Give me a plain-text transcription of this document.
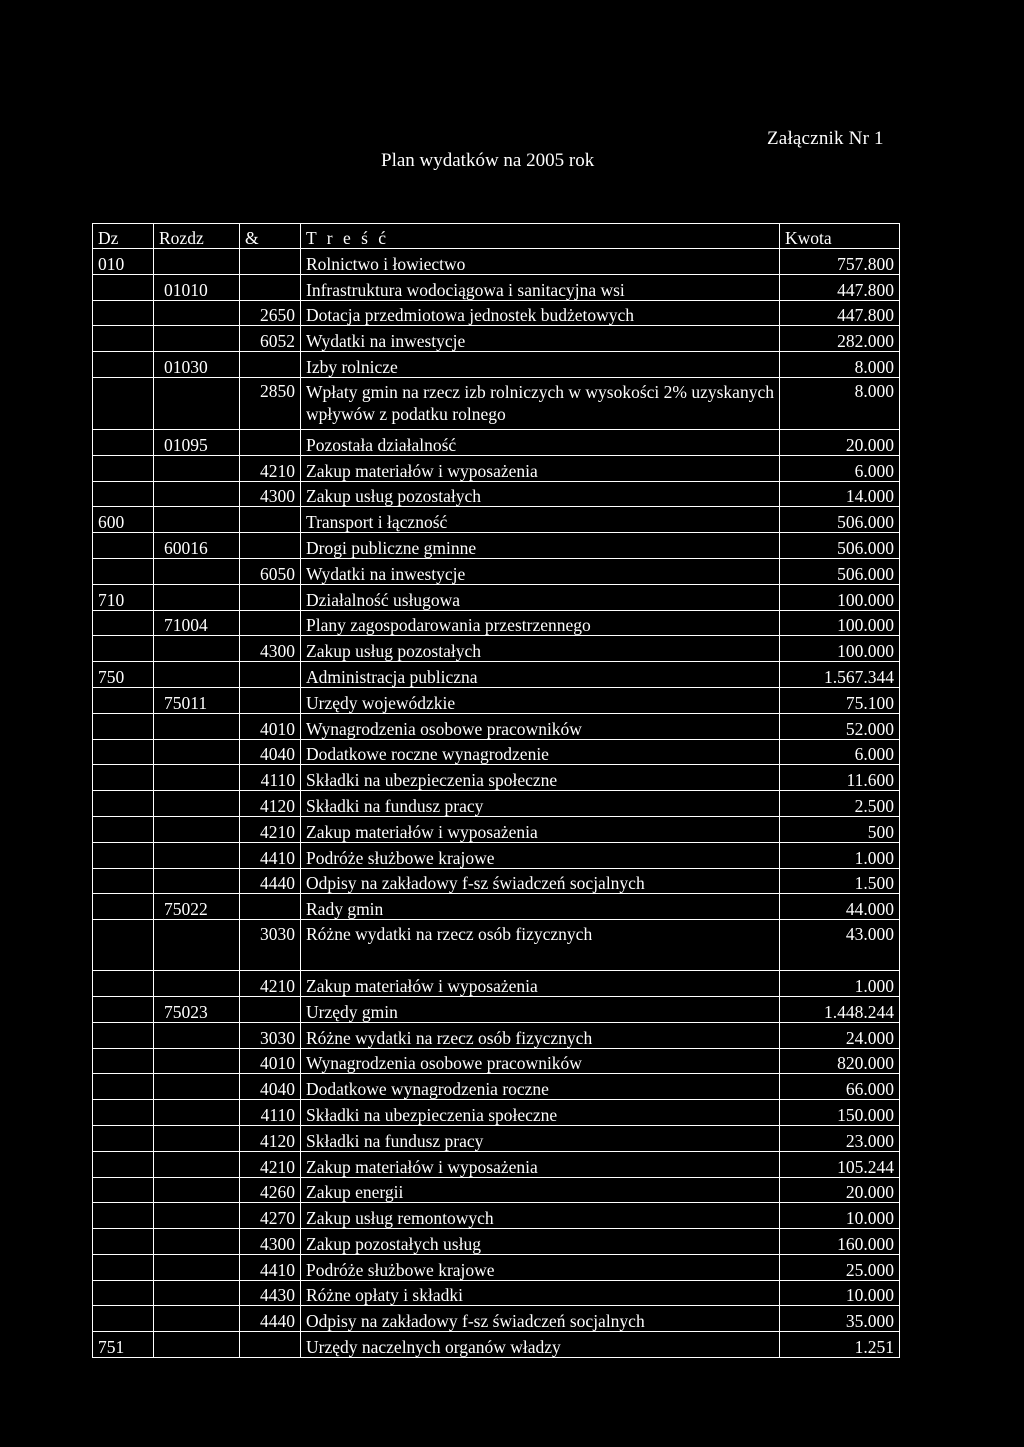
Załącznik Nr 1
Plan wydatków na 2005 rok
Dz	Rozdz	&	T r e ś ć	Kwota
010			Rolnictwo i łowiectwo	757.800
	01010		Infrastruktura wodociągowa i sanitacyjna wsi	447.800
		2650	Dotacja przedmiotowa jednostek budżetowych	447.800
		6052	Wydatki na inwestycje	282.000
	01030		Izby rolnicze	8.000
		2850	Wpłaty gmin na rzecz izb rolniczych w wysokości 2% uzyskanych wpływów z podatku rolnego	8.000
	01095		Pozostała działalność	20.000
		4210	Zakup materiałów i wyposażenia	6.000
		4300	Zakup usług pozostałych	14.000
600			Transport i łączność	506.000
	60016		Drogi publiczne gminne	506.000
		6050	Wydatki na inwestycje	506.000
710			Działalność usługowa	100.000
	71004		Plany zagospodarowania przestrzennego	100.000
		4300	Zakup usług pozostałych	100.000
750			Administracja publiczna	1.567.344
	75011		Urzędy wojewódzkie	75.100
		4010	Wynagrodzenia osobowe pracowników	52.000
		4040	Dodatkowe roczne wynagrodzenie	6.000
		4110	Składki na ubezpieczenia społeczne	11.600
		4120	Składki na fundusz pracy	2.500
		4210	Zakup materiałów i wyposażenia	500
		4410	Podróże służbowe krajowe	1.000
		4440	Odpisy na zakładowy f-sz świadczeń socjalnych	1.500
	75022		Rady gmin	44.000
		3030	Różne wydatki na rzecz osób fizycznych	43.000
		4210	Zakup materiałów i wyposażenia	1.000
	75023		Urzędy gmin	1.448.244
		3030	Różne wydatki na rzecz osób fizycznych	24.000
		4010	Wynagrodzenia osobowe pracowników	820.000
		4040	Dodatkowe wynagrodzenia roczne	66.000
		4110	Składki na ubezpieczenia społeczne	150.000
		4120	Składki na fundusz pracy	23.000
		4210	Zakup materiałów i wyposażenia	105.244
		4260	Zakup energii	20.000
		4270	Zakup usług remontowych	10.000
		4300	Zakup pozostałych usług	160.000
		4410	Podróże służbowe krajowe	25.000
		4430	Różne opłaty i składki	10.000
		4440	Odpisy na zakładowy f-sz świadczeń socjalnych	35.000
751			Urzędy naczelnych organów władzy	1.251
